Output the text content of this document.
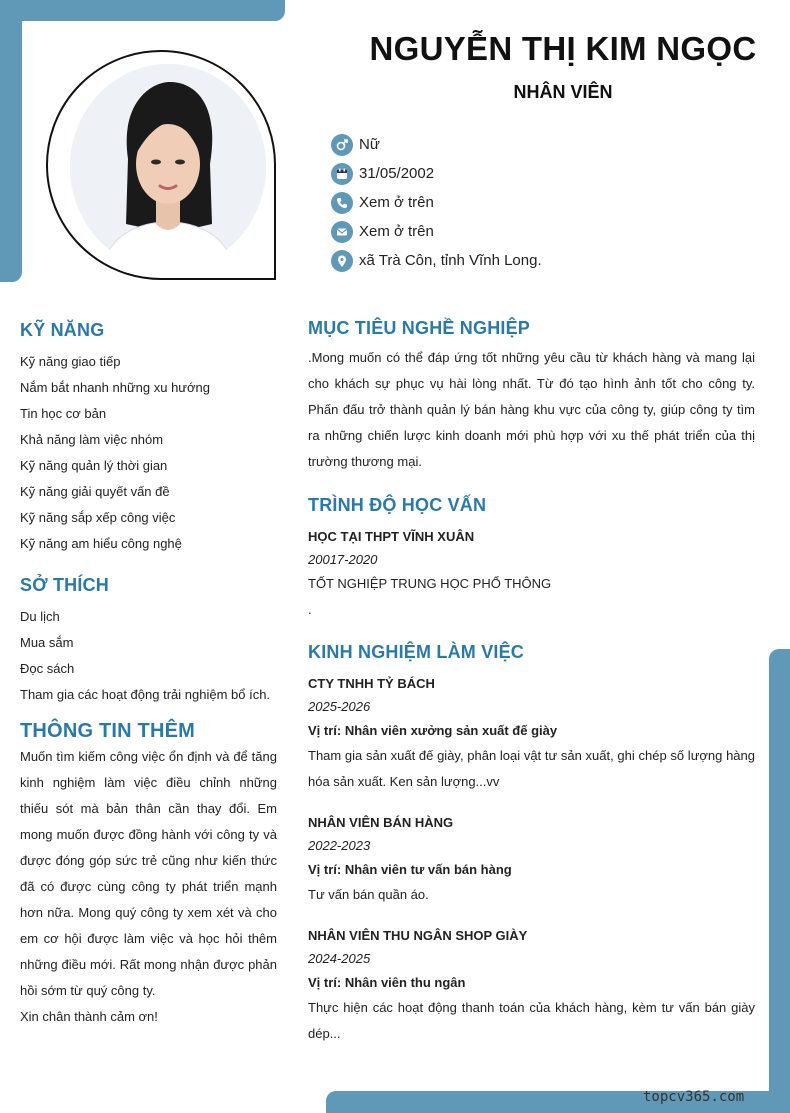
NGUYỄN THỊ KIM NGỌC
NHÂN VIÊN
Nữ
31/05/2002
Xem ở trên
Xem ở trên
xã Trà Côn, tỉnh Vĩnh Long.
KỸ NĂNG
Kỹ năng giao tiếp
Nắm bắt nhanh những xu hướng
Tin học cơ bản
Khả năng làm việc nhóm
Kỹ năng quản lý thời gian
Kỹ năng giải quyết vấn đề
Kỹ năng sắp xếp công việc
Kỹ năng am hiểu công nghệ
SỞ THÍCH
Du lịch
Mua sắm
Đọc sách
Tham gia các hoạt động trải nghiệm bổ ích.
THÔNG TIN THÊM
Muốn tìm kiếm công việc ổn định và để tăng kinh nghiệm làm việc điều chỉnh những thiếu sót mà bản thân cần thay đổi. Em mong muốn được đồng hành với công ty và được đóng góp sức trẻ cũng như kiến thức đã có được cùng công ty phát triển mạnh hơn nữa. Mong quý công ty xem xét và cho em cơ hội được làm việc và học hỏi thêm những điều mới. Rất mong nhận được phản hồi sớm từ quý công ty.
Xin chân thành cảm ơn!
MỤC TIÊU NGHỀ NGHIỆP
.Mong muốn có thể đáp ứng tốt những yêu cầu từ khách hàng và mang lại cho khách sự phục vụ hài lòng nhất. Từ đó tạo hình ảnh tốt cho công ty. Phấn đấu trở thành quản lý bán hàng khu vực của công ty, giúp công ty tìm ra những chiến lược kinh doanh mới phù hợp với xu thế phát triển của thị trường thương mại.
TRÌNH ĐỘ HỌC VẤN
HỌC TẠI THPT VĨNH XUÂN
20017-2020
TỐT NGHIỆP TRUNG HỌC PHỔ THÔNG
.
KINH NGHIỆM LÀM VIỆC
CTY TNHH TỶ BÁCH
2025-2026
Vị trí: Nhân viên xưởng sản xuất đế giày
Tham gia sản xuất đế giày, phân loại vật tư sản xuất, ghi chép số lượng hàng hóa sản xuất. Ken sản lượng...vv
NHÂN VIÊN BÁN HÀNG
2022-2023
Vị trí: Nhân viên tư vấn bán hàng
Tư vấn bán quần áo.
NHÂN VIÊN THU NGÂN SHOP GIÀY
2024-2025
Vị trí: Nhân viên thu ngân
Thực hiện các hoạt động thanh toán của khách hàng, kèm tư vấn bán giày dép...
topcv365.com
